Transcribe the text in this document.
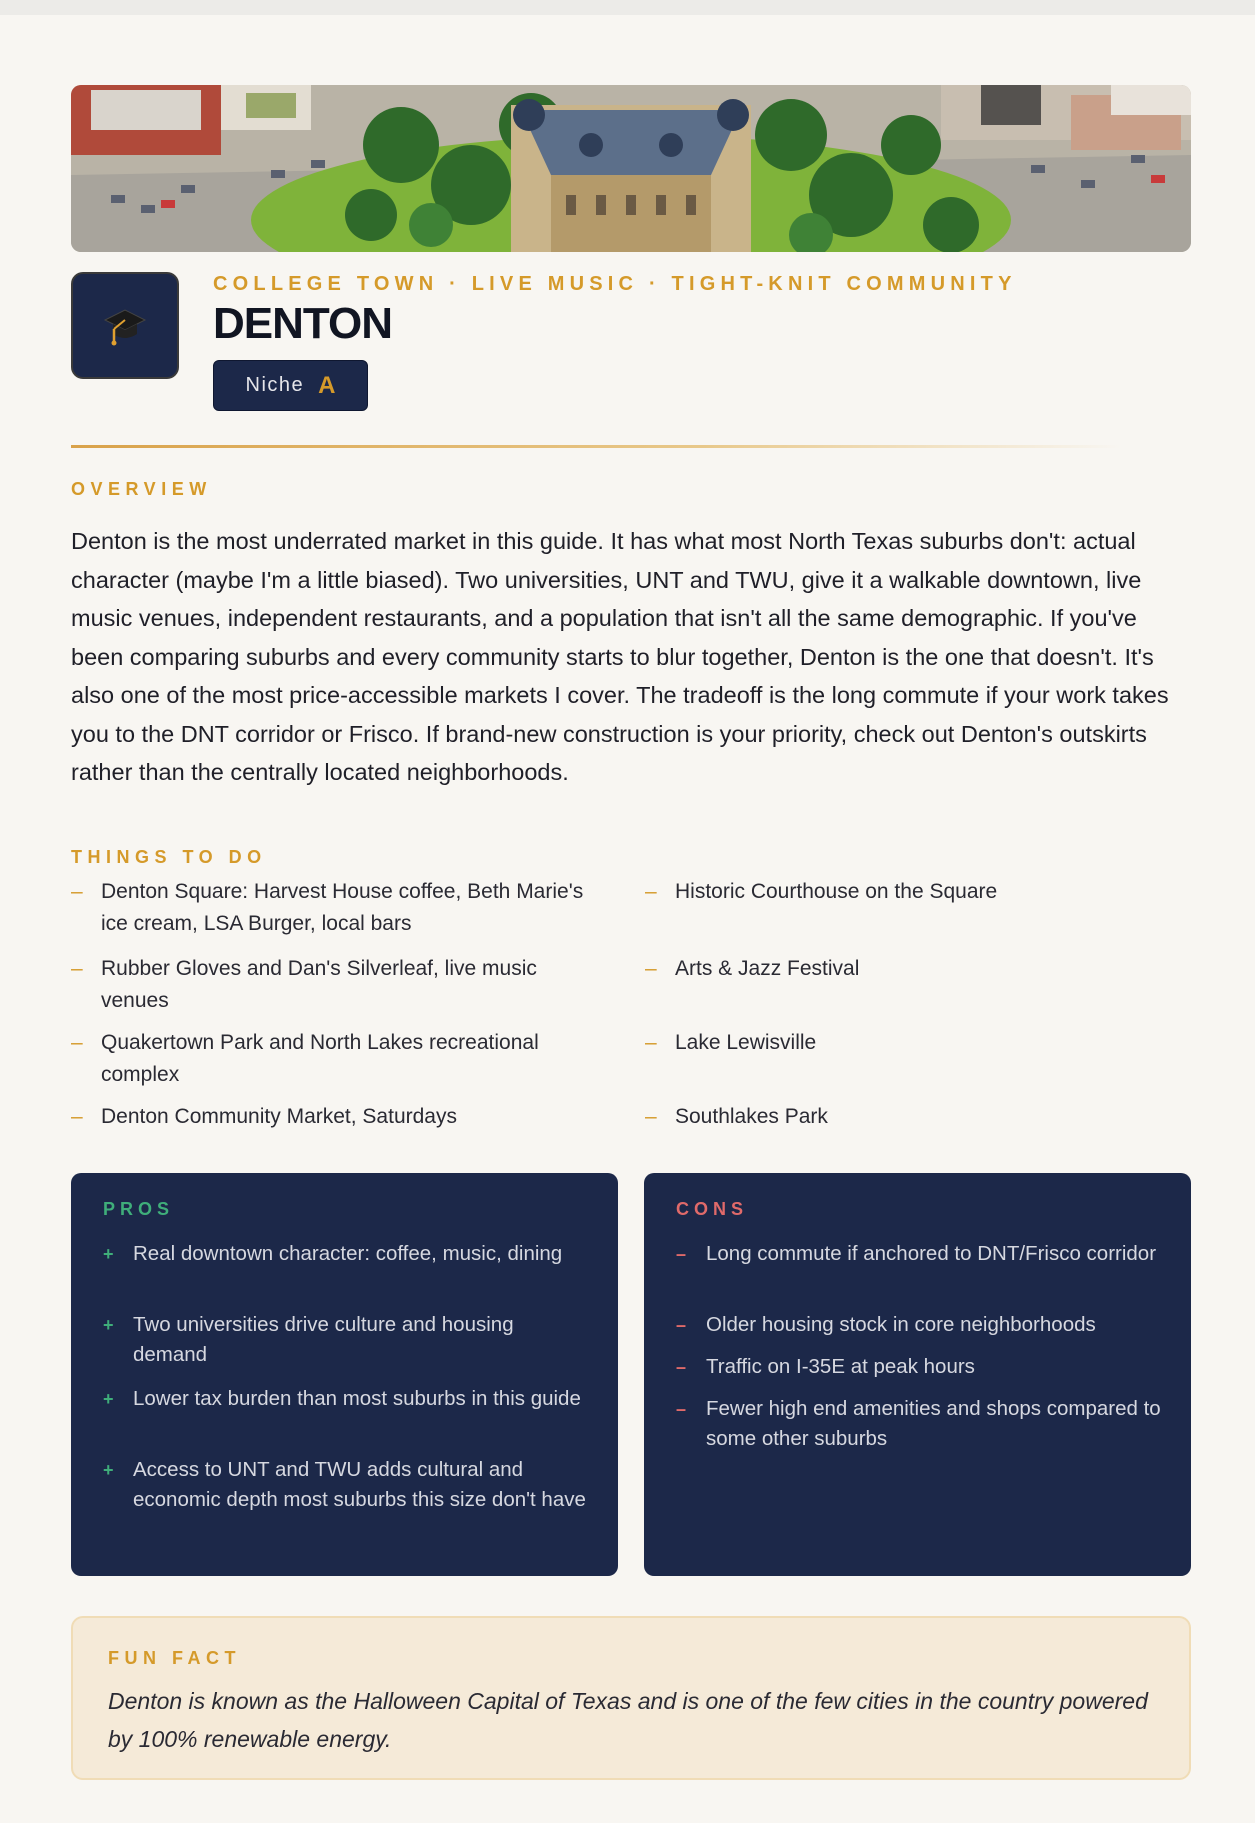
COLLEGE TOWN · LIVE MUSIC · TIGHT-KNIT COMMUNITY
DENTON
Niche A
OVERVIEW
Denton is the most underrated market in this guide. It has what most North Texas suburbs don't: actual character (maybe I'm a little biased). Two universities, UNT and TWU, give it a walkable downtown, live music venues, independent restaurants, and a population that isn't all the same demographic. If you've been comparing suburbs and every community starts to blur together, Denton is the one that doesn't. It's also one of the most price-accessible markets I cover. The tradeoff is the long commute if your work takes you to the DNT corridor or Frisco. If brand-new construction is your priority, check out Denton's outskirts rather than the centrally located neighborhoods.
THINGS TO DO
– Denton Square: Harvest House coffee, Beth Marie's ice cream, LSA Burger, local bars
– Rubber Gloves and Dan's Silverleaf, live music venues
– Quakertown Park and North Lakes recreational complex
– Denton Community Market, Saturdays
– Historic Courthouse on the Square
– Arts & Jazz Festival
– Lake Lewisville
– Southlakes Park
PROS
+ Real downtown character: coffee, music, dining
+ Two universities drive culture and housing demand
+ Lower tax burden than most suburbs in this guide
+ Access to UNT and TWU adds cultural and economic depth most suburbs this size don't have
CONS
– Long commute if anchored to DNT/Frisco corridor
– Older housing stock in core neighborhoods
– Traffic on I-35E at peak hours
– Fewer high end amenities and shops compared to some other suburbs
FUN FACT
Denton is known as the Halloween Capital of Texas and is one of the few cities in the country powered by 100% renewable energy.
